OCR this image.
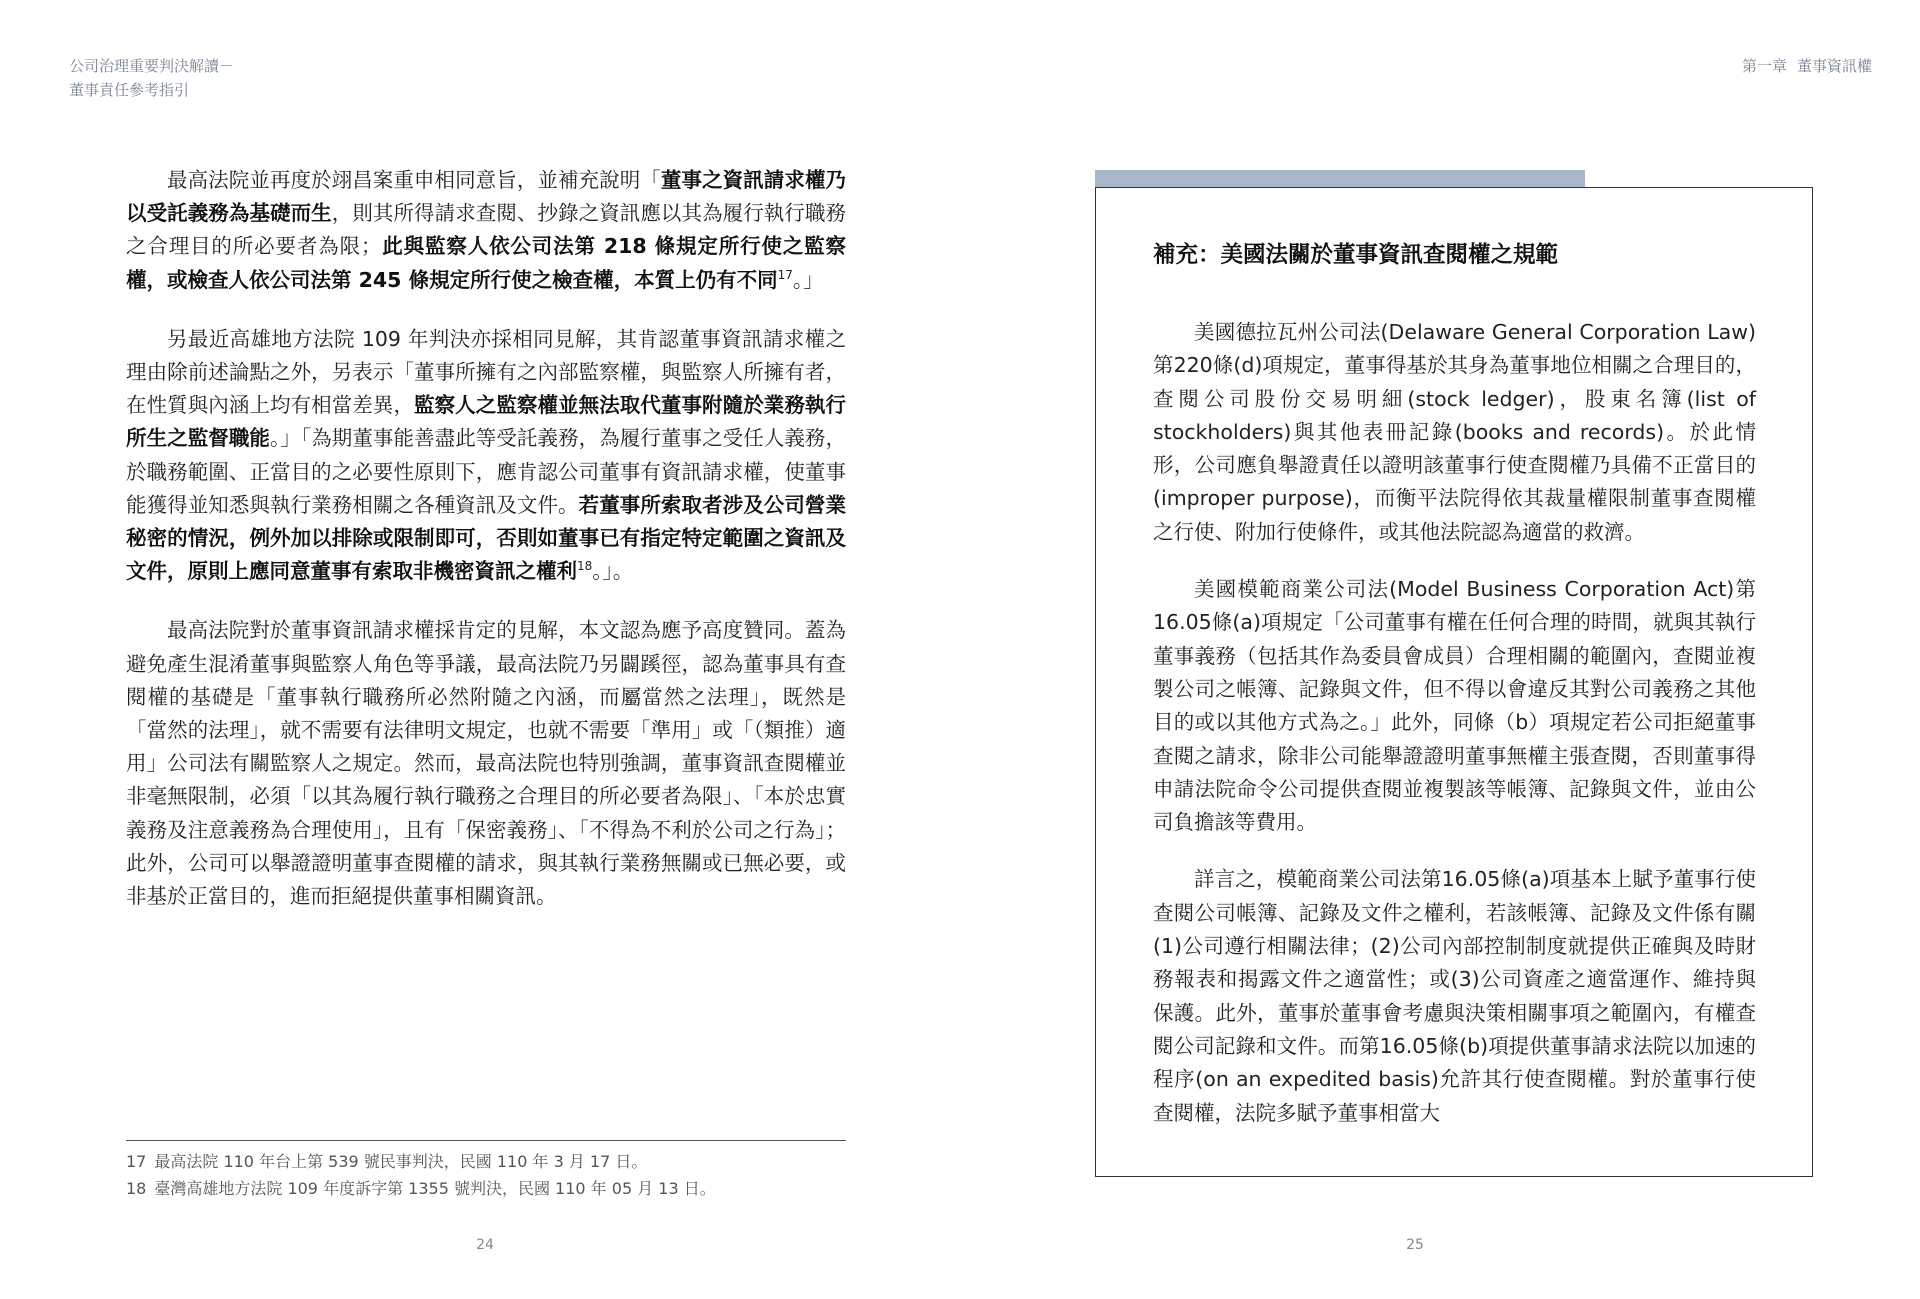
公司治理重要判決解讀－
董事責任參考指引

最高法院並再度於翊昌案重申相同意旨，並補充說明「董事之資訊請求權乃以受託義務為基礎而生，則其所得請求查閱、抄錄之資訊應以其為履行執行職務之合理目的所必要者為限；此與監察人依公司法第 218 條規定所行使之監察權，或檢查人依公司法第 245 條規定所行使之檢查權，本質上仍有不同$^{17}$。」

另最近高雄地方法院 109 年判決亦採相同見解，其肯認董事資訊請求權之理由除前述論點之外，另表示「董事所擁有之內部監察權，與監察人所擁有者，在性質與內涵上均有相當差異，監察人之監察權並無法取代董事附隨於業務執行所生之監督職能。」「為期董事能善盡此等受託義務，為履行董事之受任人義務，於職務範圍、正當目的之必要性原則下，應肯認公司董事有資訊請求權，使董事能獲得並知悉與執行業務相關之各種資訊及文件。若董事所索取者涉及公司營業秘密的情況，例外加以排除或限制即可，否則如董事已有指定特定範圍之資訊及文件，原則上應同意董事有索取非機密資訊之權利$^{18}$。」。

最高法院對於董事資訊請求權採肯定的見解，本文認為應予高度贊同。蓋為避免產生混淆董事與監察人角色等爭議，最高法院乃另闢蹊徑，認為董事具有查閱權的基礎是「董事執行職務所必然附隨之內涵，而屬當然之法理」，既然是「當然的法理」，就不需要有法律明文規定，也就不需要「準用」或「（類推）適用」公司法有關監察人之規定。然而，最高法院也特別強調，董事資訊查閱權並非毫無限制，必須「以其為履行執行職務之合理目的所必要者為限」、「本於忠實義務及注意義務為合理使用」，且有「保密義務」、「不得為不利於公司之行為」；此外，公司可以舉證證明董事查閱權的請求，與其執行業務無關或已無必要，或非基於正當目的，進而拒絕提供董事相關資訊。

17 最高法院 110 年台上第 539 號民事判決，民國 110 年 3 月 17 日。
18 臺灣高雄地方法院 109 年度訴字第 1355 號判決，民國 110 年 05 月 13 日。
24
第一章 董事資訊權
補充：美國法關於董事資訊查閱權之規範

美國德拉瓦州公司法(Delaware General Corporation Law)第220條(d)項規定，董事得基於其身為董事地位相關之合理目的，查閱公司股份交易明細(stock ledger)，股東名簿(list of stockholders)與其他表冊記錄(books and records)。於此情形，公司應負舉證責任以證明該董事行使查閱權乃具備不正當目的(improper purpose)，而衡平法院得依其裁量權限制董事查閱權之行使、附加行使條件，或其他法院認為適當的救濟。

美國模範商業公司法(Model Business Corporation Act)第16.05條(a)項規定「公司董事有權在任何合理的時間，就與其執行董事義務（包括其作為委員會成員）合理相關的範圍內，查閱並複製公司之帳簿、記錄與文件，但不得以會違反其對公司義務之其他目的或以其他方式為之。」此外，同條（b）項規定若公司拒絕董事查閱之請求，除非公司能舉證證明董事無權主張查閱，否則董事得申請法院命令公司提供查閱並複製該等帳簿、記錄與文件，並由公司負擔該等費用。

詳言之，模範商業公司法第16.05條(a)項基本上賦予董事行使查閱公司帳簿、記錄及文件之權利，若該帳簿、記錄及文件係有關(1)公司遵行相關法律；(2)公司內部控制制度就提供正確與及時財務報表和揭露文件之適當性；或(3)公司資產之適當運作、維持與保護。此外，董事於董事會考慮與決策相關事項之範圍內，有權查閱公司記錄和文件。而第16.05條(b)項提供董事請求法院以加速的程序(on an expedited basis)允許其行使查閱權。對於董事行使查閱權，法院多賦予董事相當大

25
